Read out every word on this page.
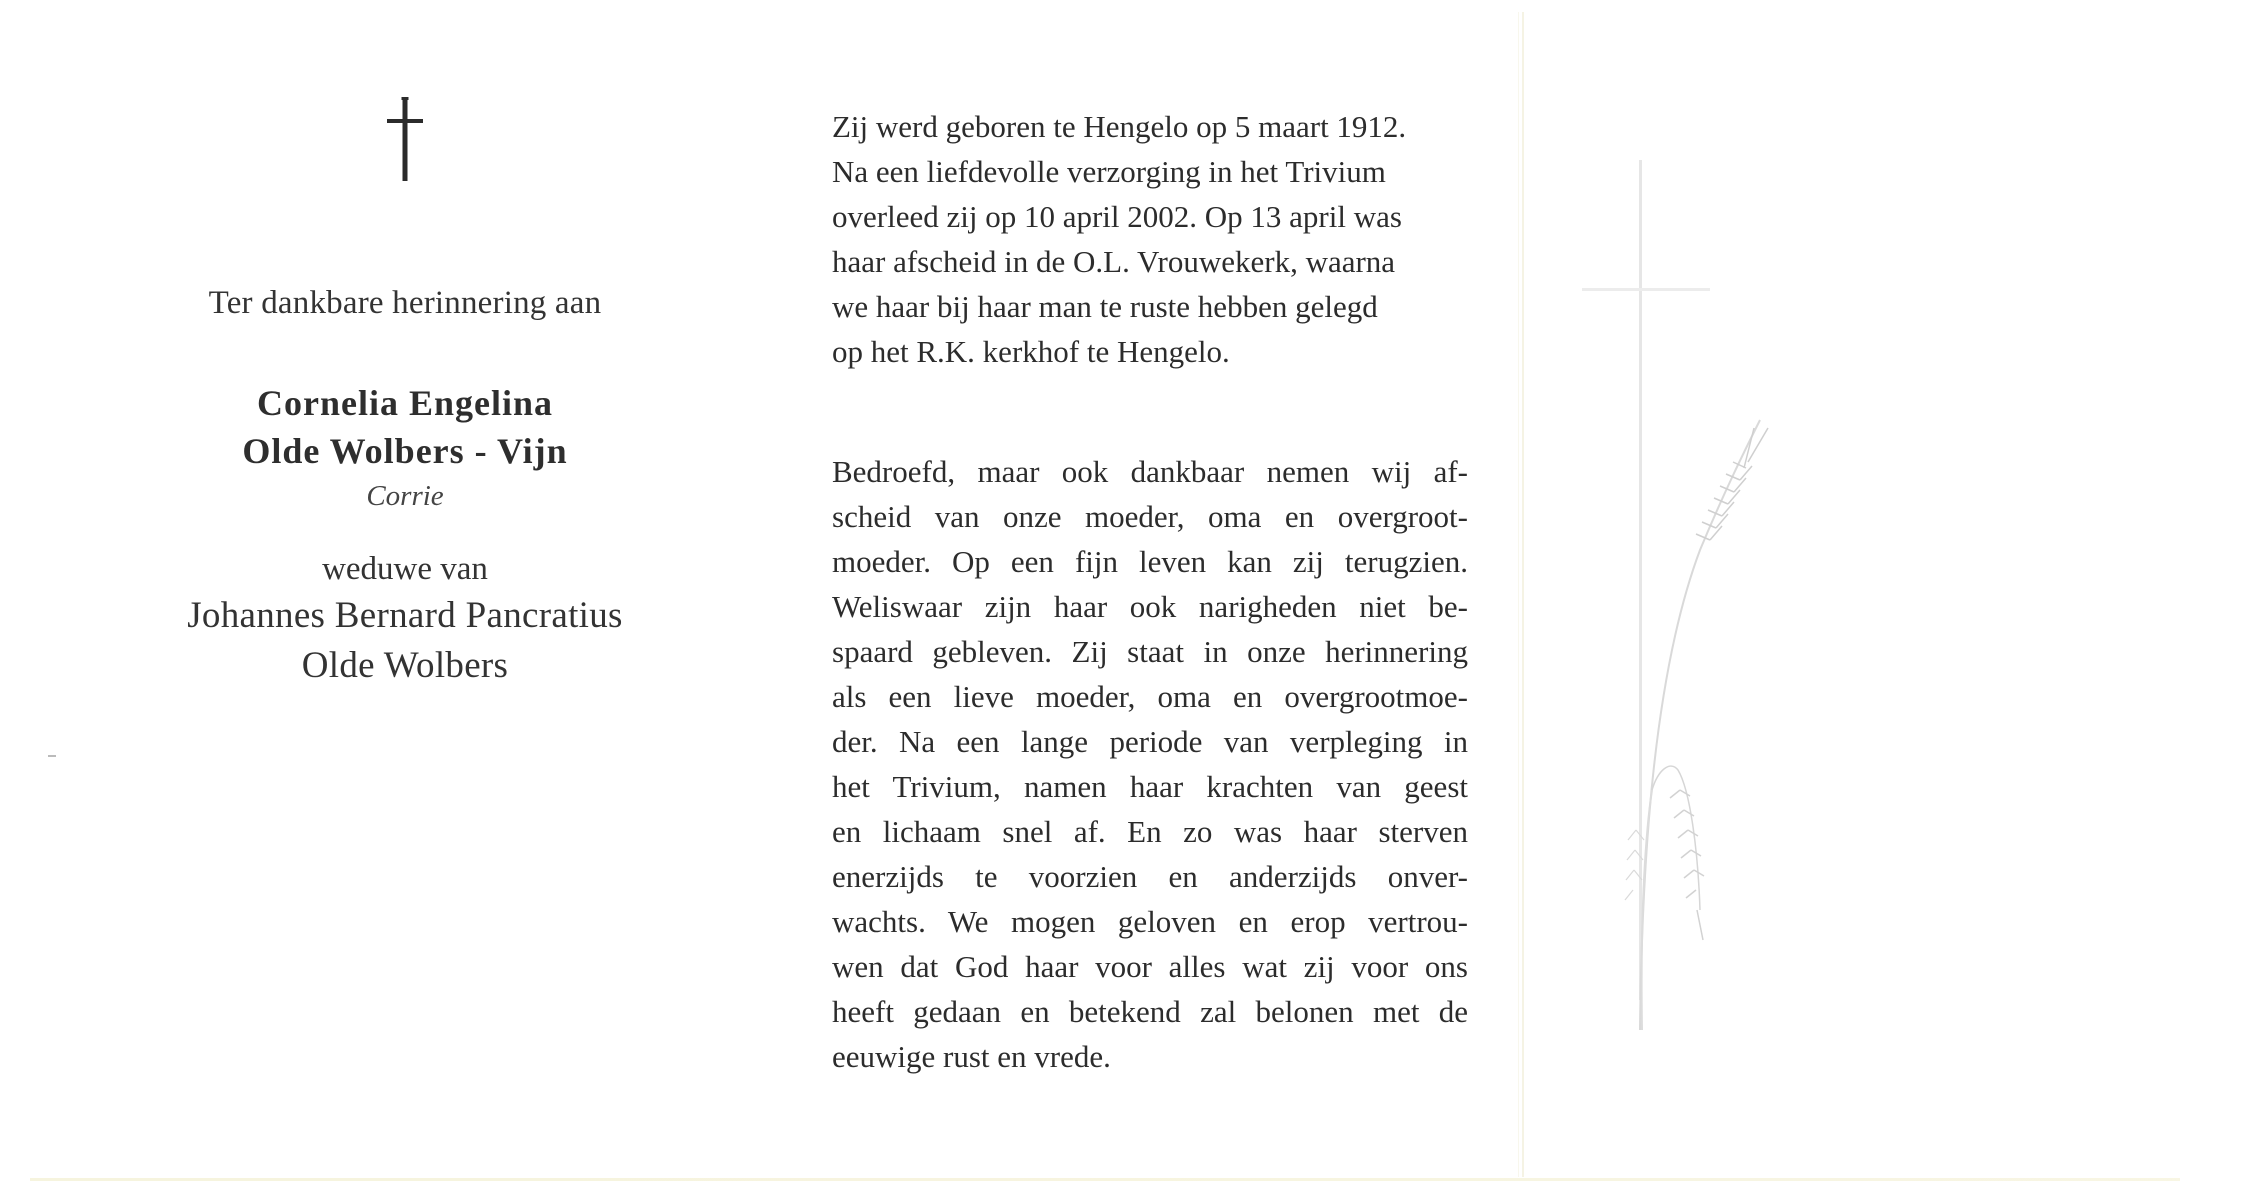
Ter dankbare herinnering aan
Cornelia Engelina
Olde Wolbers - Vijn
Corrie
weduwe van
Johannes Bernard Pancratius
Olde Wolbers
Zij werd geboren te Hengelo op 5 maart 1912.
Na een liefdevolle verzorging in het Trivium
overleed zij op 10 april 2002. Op 13 april was
haar afscheid in de O.L. Vrouwekerk, waarna
we haar bij haar man te ruste hebben gelegd
op het R.K. kerkhof te Hengelo.
Bedroefd, maar ook dankbaar nemen wij af-
scheid van onze moeder, oma en overgroot-
moeder. Op een fijn leven kan zij terugzien.
Weliswaar zijn haar ook narigheden niet be-
spaard gebleven. Zij staat in onze herinnering
als een lieve moeder, oma en overgrootmoe-
der. Na een lange periode van verpleging in
het Trivium, namen haar krachten van geest
en lichaam snel af. En zo was haar sterven
enerzijds te voorzien en anderzijds onver-
wachts. We mogen geloven en erop vertrou-
wen dat God haar voor alles wat zij voor ons
heeft gedaan en betekend zal belonen met de
eeuwige rust en vrede.
